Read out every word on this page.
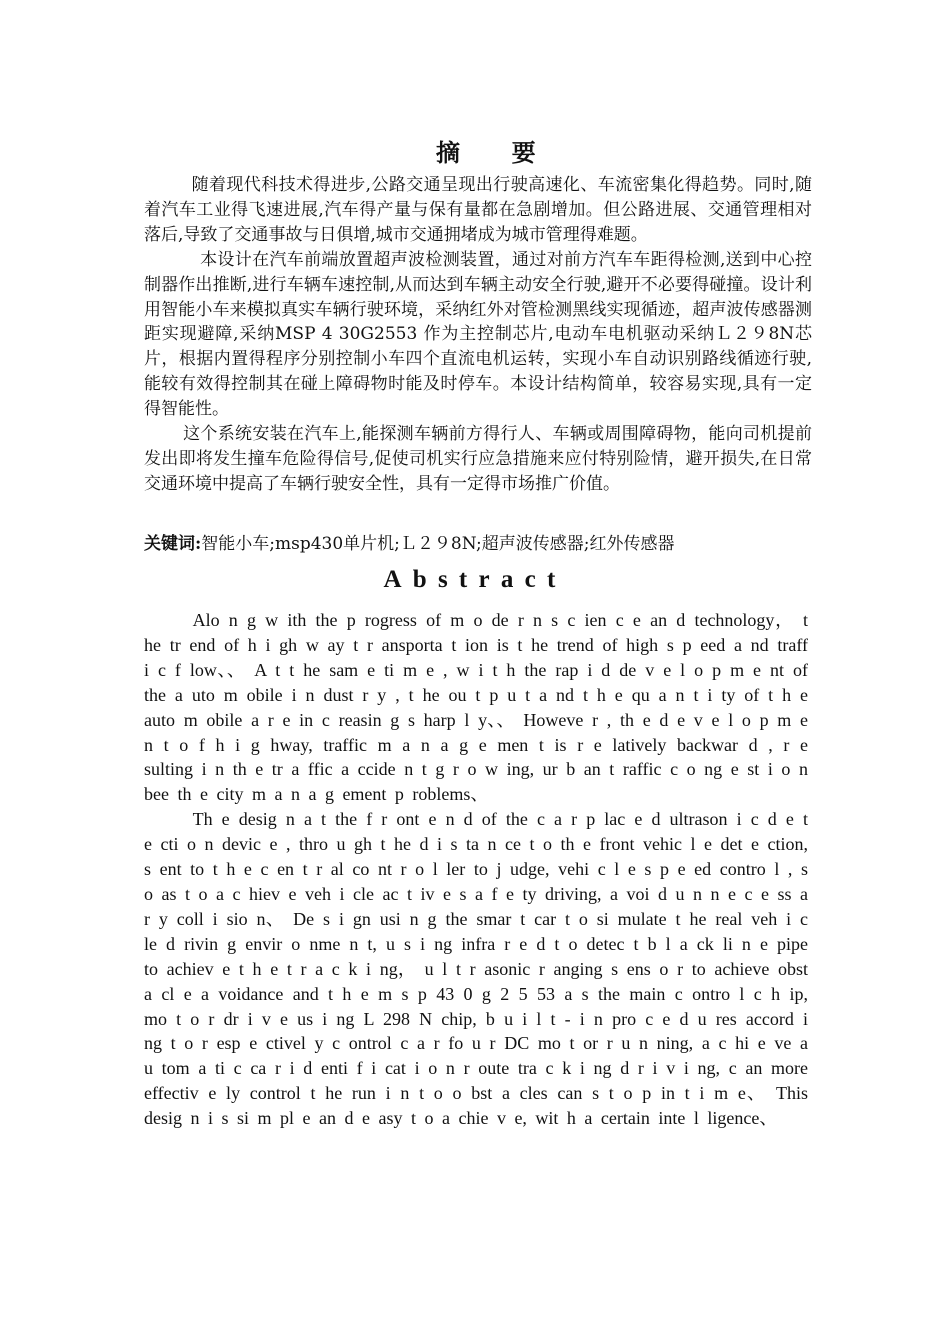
摘 要

随着现代科技术得进步,公路交通呈现出行驶高速化、车流密集化得趋势。同时,随着汽车工业得飞速进展,汽车得产量与保有量都在急剧增加。但公路进展、交通管理相对落后,导致了交通事故与日俱增,城市交通拥堵成为城市管理得难题。

本设计在汽车前端放置超声波检测装置，通过对前方汽车车距得检测,送到中心控制器作出推断,进行车辆车速控制,从而达到车辆主动安全行驶,避开不必要得碰撞。设计利用智能小车来模拟真实车辆行驶环境，采纳红外对管检测黑线实现循迹，超声波传感器测距实现避障,采纳MSP 4 30G2553 作为主控制芯片,电动车电机驱动采纳Ｌ２９8N芯片，根据内置得程序分别控制小车四个直流电机运转，实现小车自动识别路线循迹行驶,能较有效得控制其在碰上障碍物时能及时停车。本设计结构简单，较容易实现,具有一定得智能性。

这个系统安装在汽车上,能探测车辆前方得行人、车辆或周围障碍物，能向司机提前发出即将发生撞车危险得信号,促使司机实行应急措施来应付特别险情，避开损失,在日常交通环境中提高了车辆行驶安全性，具有一定得市场推广价值。

关键词:智能小车;msp430单片机;Ｌ２９8N;超声波传感器;红外传感器
Abstract

Alo n g w ith the p rogress of m o de r n s c ien c e an d technology， t he tr end of h i gh w ay t r ansporta t ion is t he trend of high s p eed a nd traff i c f low、、 A t t he sam e ti m e , w i t h the rap i d de v e l o p m e nt of the a uto m obile i n dust r y , t he ou t p u t a nd t h e qu a n t i ty of t h e auto m obile a r e in c reasin g s harp l y、、 Howeve r , th e d e v e l o p m e n t o f h i g hway, traffic m a n a g e men t is r e latively backwar d , r e sulting i n th e tr a ffic a ccide n t g r o w ing, ur b an t raffic c o ng e st i o n bee th e city m a n a g ement p roblems、

Th e desig n a t the f r ont e n d of the c a r p lac e d ultrason i c d e t e cti o n devic e , thro u gh t he d i s ta n ce t o th e front vehic l e det e ction, s ent to t h e c en t r al co nt r o l ler to j udge, vehi c l e s p e ed contro l , s o as t o a c hiev e veh i cle ac t iv e s a f e ty driving, a voi d u n n e c e ss a r y coll i sio n、 De s i gn usi n g the smar t car t o si mulate t he real veh i c le d rivin g envir o nme n t, u s i ng infra r e d t o detec t b l a ck li n e pipe to achiev e t h e t r a c k i ng， u l t r asonic r anging s ens o r to achieve obst a cl e a voidance and t h e m s p 43 0 g 2 5 53 a s the main c ontro l c h ip, mo t o r dr i v e us i ng L 298 N chip, b u i l t - i n pro c e d u res accord i ng t o r esp e ctivel y c ontrol c a r fo u r DC mo t or r u n ning, a c hi e ve a u tom a ti c ca r i d enti f i cat i o n r oute tra c k i ng d r i v i ng, c an more effectiv e ly control t he run i n t o o bst a cles can s t o p in t i m e、 This desig n i s si m pl e an d e asy t o a chie v e, wit h a certain inte l ligence、
